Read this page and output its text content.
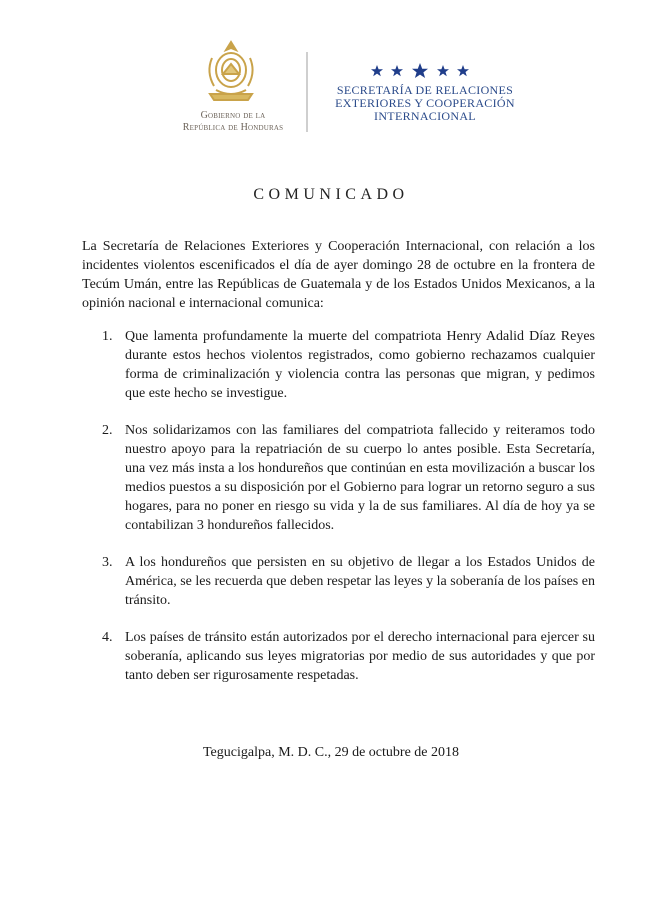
Gobierno de la
República de Honduras
SECRETARÍA DE RELACIONES
EXTERIORES Y COOPERACIÓN
INTERNACIONAL
COMUNICADO

La Secretaría de Relaciones Exteriores y Cooperación Internacional, con relación a los incidentes violentos escenificados el día de ayer domingo 28 de octubre en la frontera de Tecúm Umán, entre las Repúblicas de Guatemala y de los Estados Unidos Mexicanos, a la opinión nacional e internacional comunica:

1. Que lamenta profundamente la muerte del compatriota Henry Adalid Díaz Reyes durante estos hechos violentos registrados, como gobierno rechazamos cualquier forma de criminalización y violencia contra las personas que migran, y pedimos que este hecho se investigue.
2. Nos solidarizamos con las familiares del compatriota fallecido y reiteramos todo nuestro apoyo para la repatriación de su cuerpo lo antes posible. Esta Secretaría, una vez más insta a los hondureños que continúan en esta movilización a buscar los medios puestos a su disposición por el Gobierno para lograr un retorno seguro a sus hogares, para no poner en riesgo su vida y la de sus familiares. Al día de hoy ya se contabilizan 3 hondureños fallecidos.
3. A los hondureños que persisten en su objetivo de llegar a los Estados Unidos de América, se les recuerda que deben respetar las leyes y la soberanía de los países en tránsito.
4. Los países de tránsito están autorizados por el derecho internacional para ejercer su soberanía, aplicando sus leyes migratorias por medio de sus autoridades y que por tanto deben ser rigurosamente respetadas.
Tegucigalpa, M. D. C., 29 de octubre de 2018
